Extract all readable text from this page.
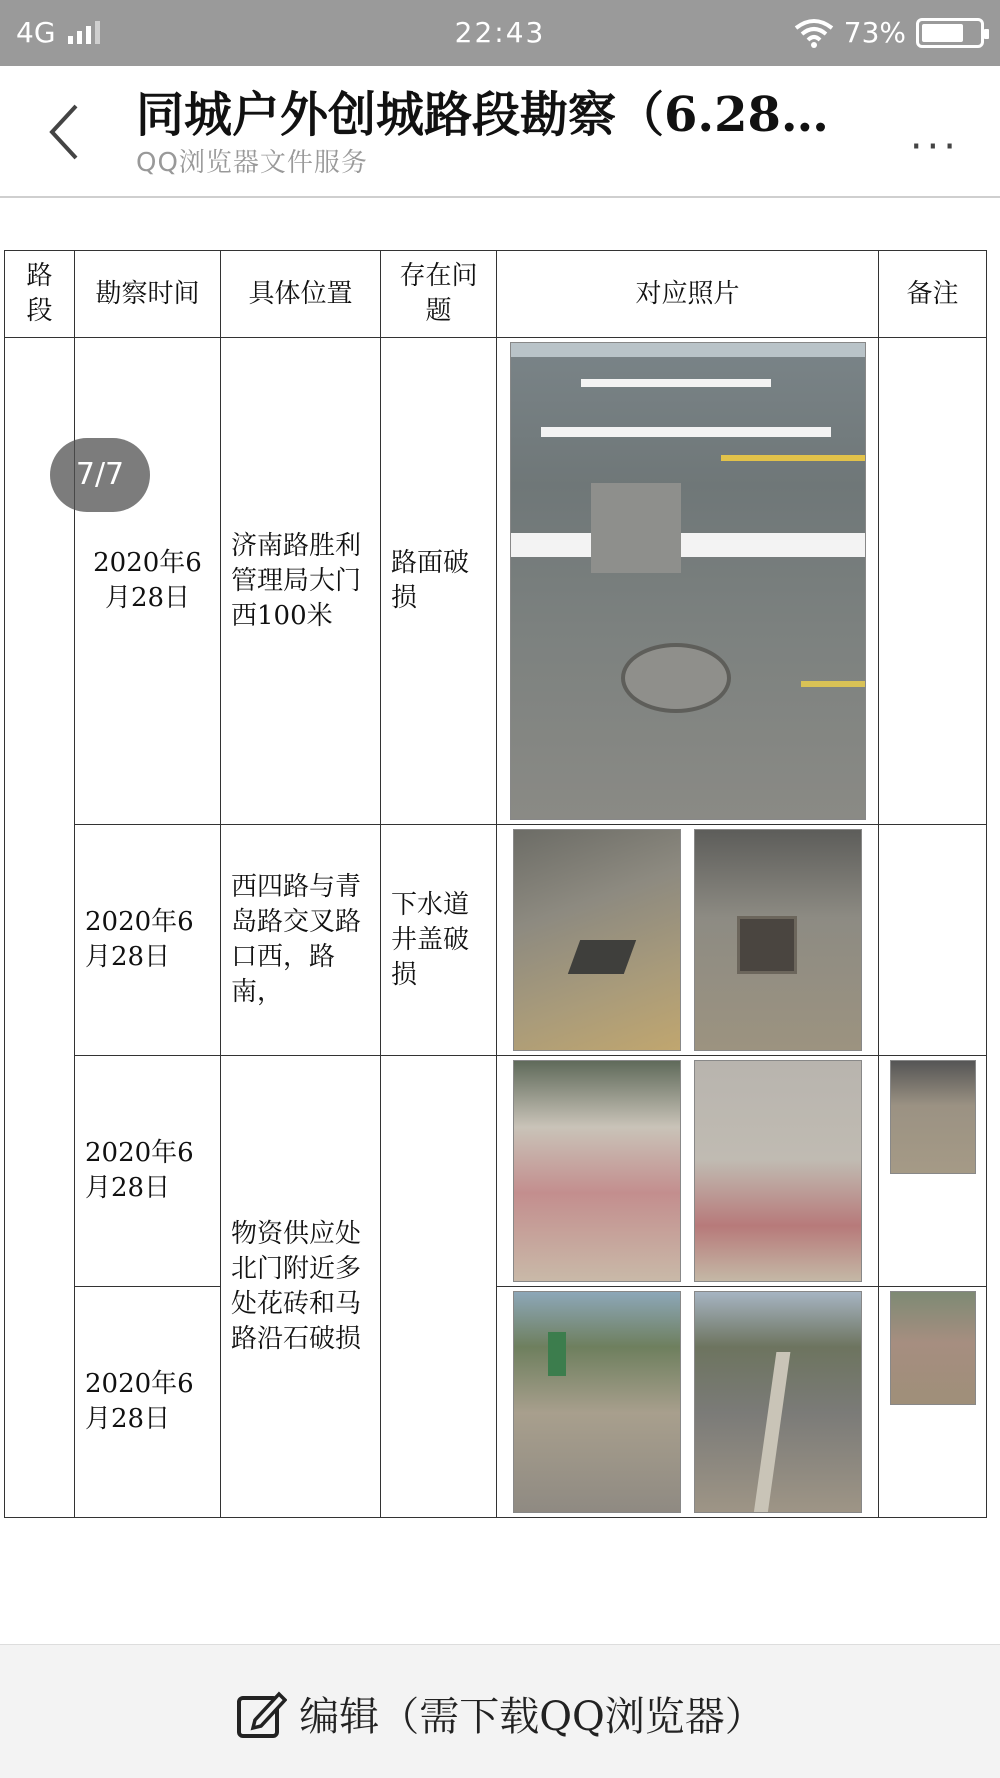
4G	22:43	73%
同城户外创城路段勘察（6.28…
QQ浏览器文件服务	···
路段	勘察时间	具体位置	存在问题	对应照片	备注
	2020年6月28日	济南路胜利管理局大门西100米	路面破损	

	2020年6月28日	西四路与青岛路交叉路口西，路南，	下水道井盖破损	

	2020年6月28日	物资供应处北门附近多处花砖和马路沿石破损		

	2020年6月28日			

7/7
编辑（需下载QQ浏览器）
